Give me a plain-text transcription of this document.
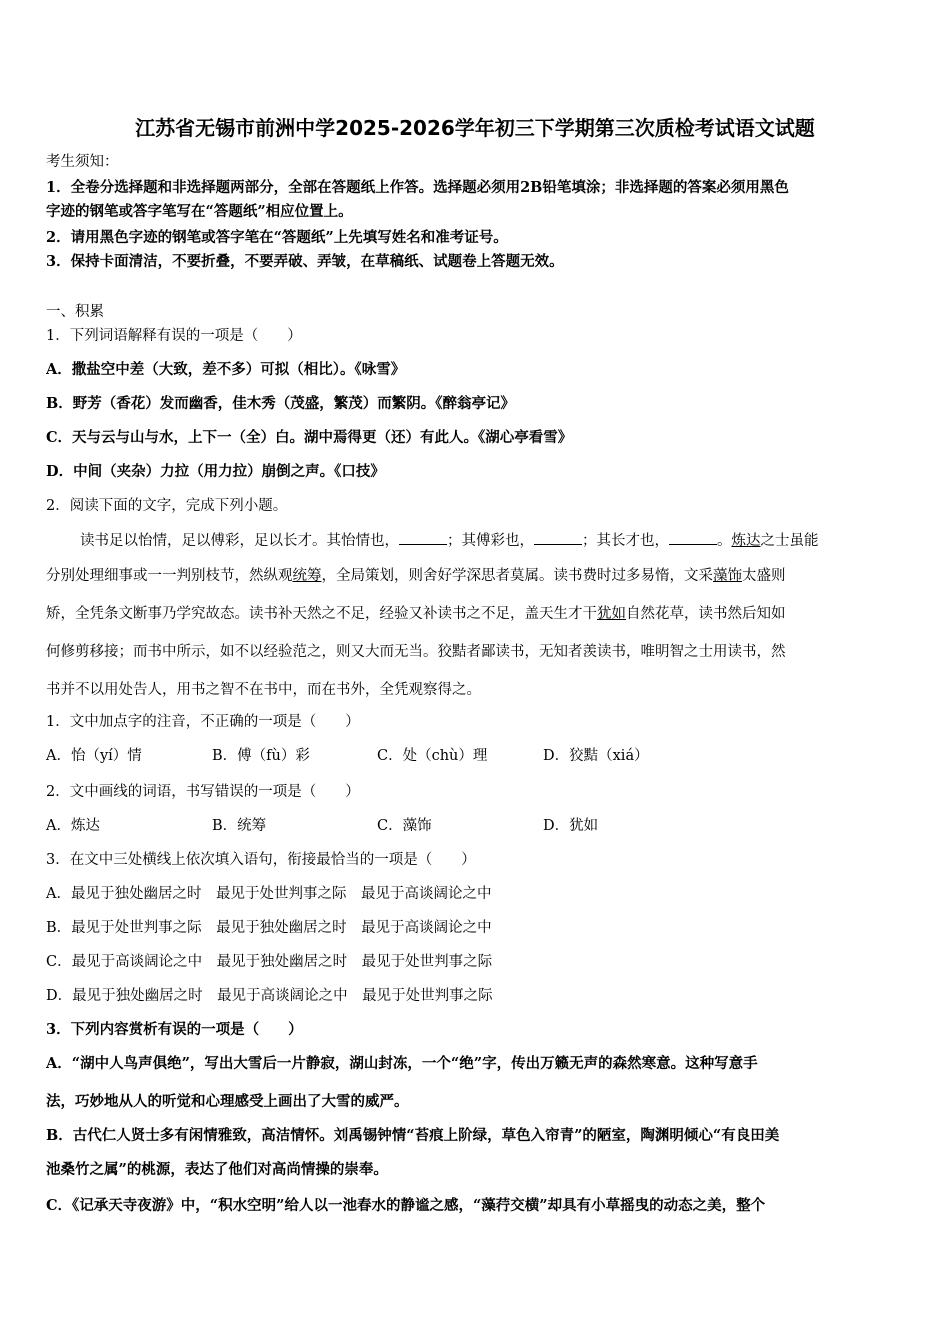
江苏省无锡市前洲中学2025-2026学年初三下学期第三次质检考试语文试题
考生须知：
1．全卷分选择题和非选择题两部分，全部在答题纸上作答。选择题必须用2B铅笔填涂；非选择题的答案必须用黑色
字迹的钢笔或答字笔写在“答题纸”相应位置上。
2．请用黑色字迹的钢笔或答字笔在“答题纸”上先填写姓名和准考证号。
3．保持卡面清洁，不要折叠，不要弄破、弄皱，在草稿纸、试题卷上答题无效。
一、积累
1．下列词语解释有误的一项是（　　）
A．撒盐空中差（大致，差不多）可拟（相比）。《咏雪》
B．野芳（香花）发而幽香，佳木秀（茂盛，繁茂）而繁阴。《醉翁亭记》
C．天与云与山与水，上下一（全）白。湖中焉得更（还）有此人。《湖心亭看雪》
D．中间（夹杂）力拉（用力拉）崩倒之声。《口技》
2．阅读下面的文字，完成下列小题。
读书足以怡情，足以傅彩，足以长才。其怡情也，	；其傅彩也，	；其长才也，	。炼达之士虽能
分别处理细事或一一判别枝节，然纵观统筹，全局策划，则舍好学深思者莫属。读书费时过多易惰，文采藻饰太盛则
矫，全凭条文断事乃学究故态。读书补天然之不足，经验又补读书之不足，盖天生才干犹如自然花草，读书然后知如
何修剪移接；而书中所示，如不以经验范之，则又大而无当。狡黠者鄙读书，无知者羡读书，唯明智之士用读书，然
书并不以用处告人，用书之智不在书中，而在书外，全凭观察得之。
1．文中加点字的注音，不正确的一项是（　　）
A．怡（yí）情	B．傅（fù）彩	C．处（chù）理	D．狡黠（xiá）
2．文中画线的词语，书写错误的一项是（　　）
A．炼达	B．统筹	C．藻饰	D．犹如
3．在文中三处横线上依次填入语句，衔接最恰当的一项是（　　）
A．最见于独处幽居之时　最见于处世判事之际　最见于高谈阔论之中
B．最见于处世判事之际　最见于独处幽居之时　最见于高谈阔论之中
C．最见于高谈阔论之中　最见于独处幽居之时　最见于处世判事之际
D．最见于独处幽居之时　最见于高谈阔论之中　最见于处世判事之际
3．下列内容赏析有误的一项是（　　）
A．“湖中人鸟声俱绝”，写出大雪后一片静寂，湖山封冻，一个“绝”字，传出万籁无声的森然寒意。这种写意手
法，巧妙地从人的听觉和心理感受上画出了大雪的威严。
B．古代仁人贤士多有闲情雅致，高洁情怀。刘禹锡钟情“苔痕上阶绿，草色入帘青”的陋室，陶渊明倾心“有良田美
池桑竹之属”的桃源，表达了他们对高尚情操的崇奉。
C．《记承天寺夜游》中，“积水空明”给人以一池春水的静谧之感，“藻荇交横”却具有小草摇曳的动态之美，整个
